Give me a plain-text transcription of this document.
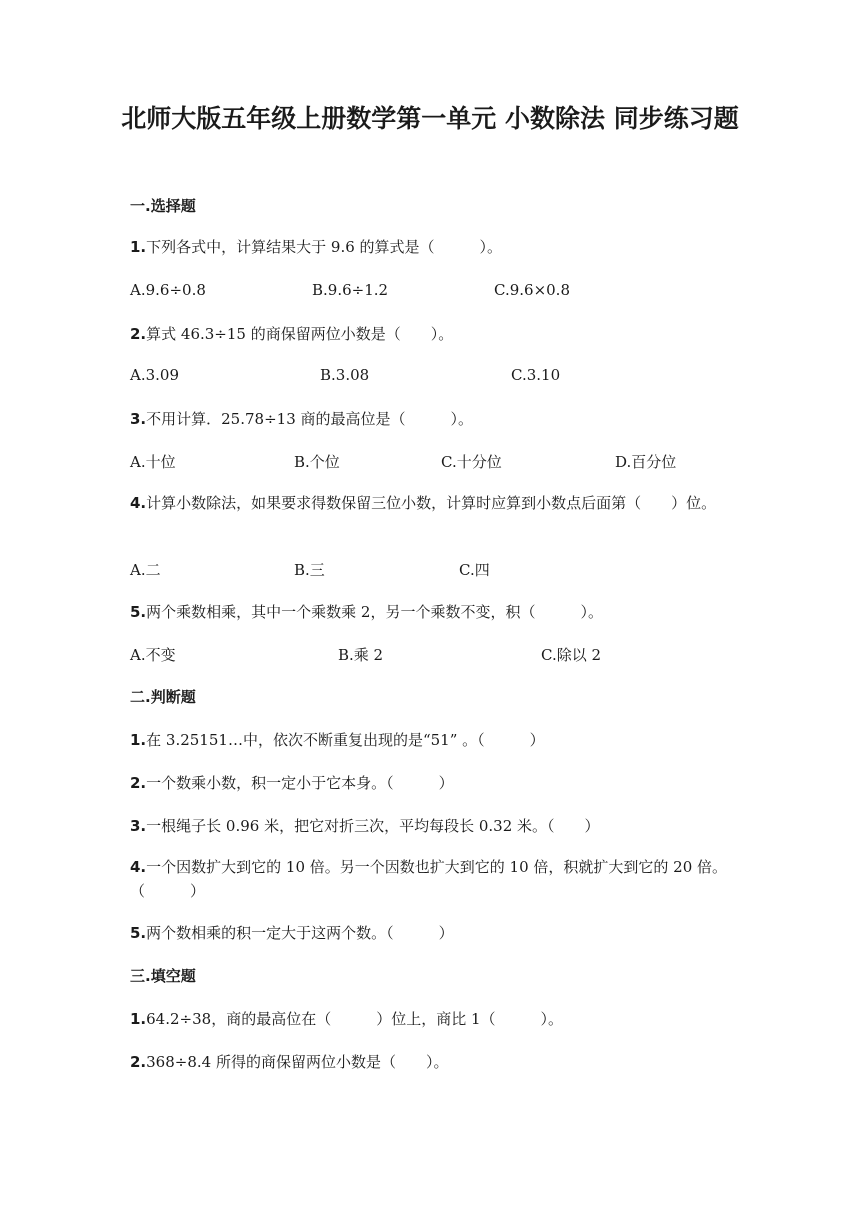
北师大版五年级上册数学第一单元 小数除法 同步练习题
一.选择题
1.下列各式中，计算结果大于 9.6 的算式是（　　　）。
A.9.6÷0.8	B.9.6÷1.2	C.9.6×0.8
2.算式 46.3÷15 的商保留两位小数是（　　）。
A.3.09	B.3.08	C.3.10
3.不用计算．25.78÷13 商的最高位是（　　　）。
A.十位	B.个位	C.十分位	D.百分位
4.计算小数除法，如果要求得数保留三位小数，计算时应算到小数点后面第（　　）位。
A.二	B.三	C.四
5.两个乘数相乘，其中一个乘数乘 2，另一个乘数不变，积（　　　）。
A.不变	B.乘 2	C.除以 2
二.判断题
1.在 3.25151…中，依次不断重复出现的是“51” 。（　　　）
2.一个数乘小数，积一定小于它本身。（　　　）
3.一根绳子长 0.96 米，把它对折三次，平均每段长 0.32 米。（　　）
4.一个因数扩大到它的 10 倍。另一个因数也扩大到它的 10 倍，积就扩大到它的 20 倍。（　　　）
5.两个数相乘的积一定大于这两个数。（　　　）
三.填空题
1.64.2÷38，商的最高位在（　　　）位上，商比 1（　　　）。
2.368÷8.4 所得的商保留两位小数是（　　）。
